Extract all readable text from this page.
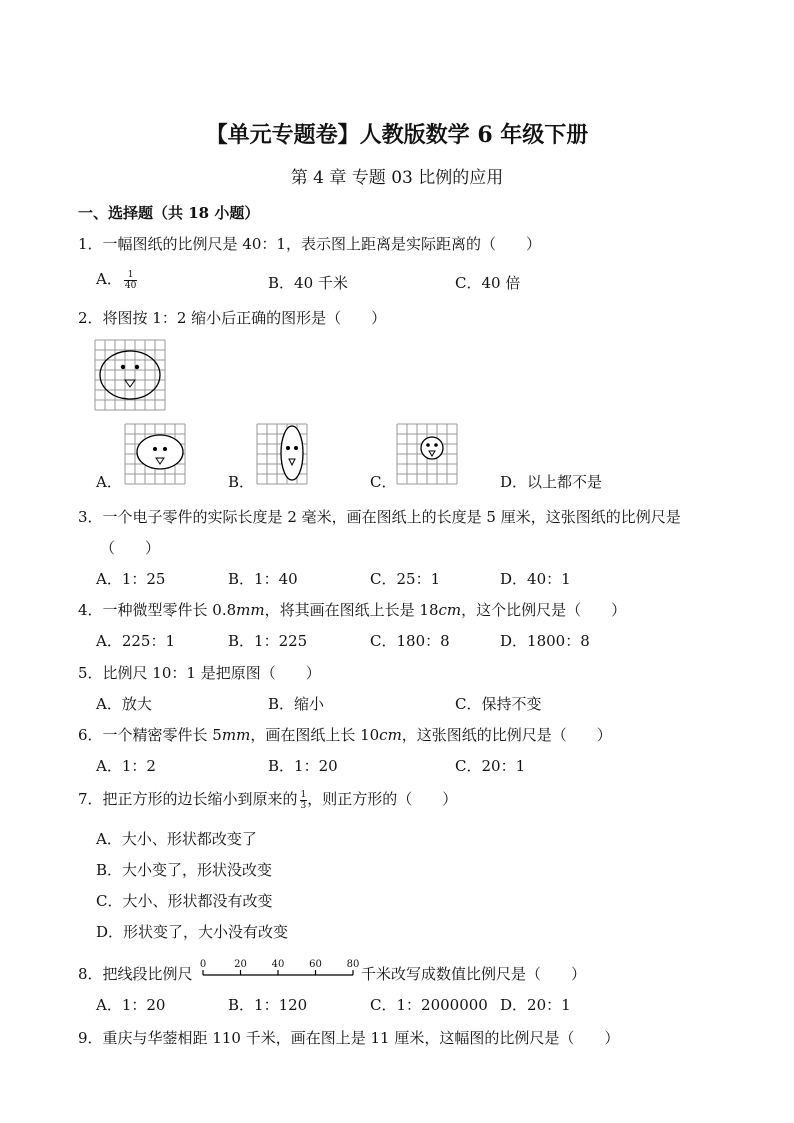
【单元专题卷】人教版数学 6 年级下册
第 4 章 专题 03 比例的应用
一、选择题（共 18 小题）
1．一幅图纸的比例尺是 40：1，表示图上距离是实际距离的（　　）
A． $\frac{1}{40}$	B．40 千米	C．40 倍
2．将图按 1：2 缩小后正确的图形是（　　）
A．	B．	C．	D．以上都不是
3．一个电子零件的实际长度是 2 毫米，画在图纸上的长度是 5 厘米，这张图纸的比例尺是
（　　）
A．1：25	B．1：40	C．25：1	D．40：1
4．一种微型零件长 0.8mm，将其画在图纸上长是 18cm，这个比例尺是（　　）
A．225：1	B．1：225	C．180：8	D．1800：8
5．比例尺 10：1 是把原图（　　）
A．放大	B．缩小	C．保持不变
6．一个精密零件长 5mm，画在图纸上长 10cm，这张图纸的比例尺是（　　）
A．1：2	B．1：20	C．20：1
7．把正方形的边长缩小到原来的 $\frac{1}{3}$ ，则正方形的（　　）
A．大小、形状都改变了
B．大小变了，形状没改变
C．大小、形状都没有改变
D．形状变了，大小没有改变
8．把线段比例尺
0	20 40 60 80
千米改写成数值比例尺是（　　）
A．1：20	B．1：120	C．1：2000000 D．20：1
9．重庆与华蓥相距 110 千米，画在图上是 11 厘米，这幅图的比例尺是（　　）
